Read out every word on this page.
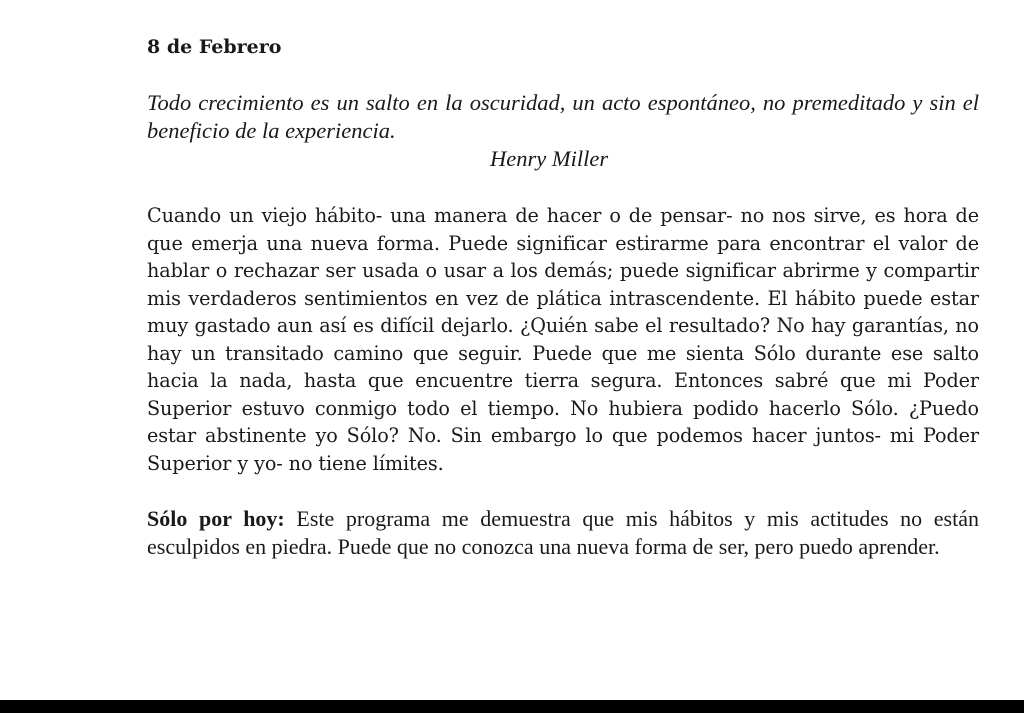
8 de Febrero
Todo crecimiento es un salto en la oscuridad, un acto espontáneo, no premeditado y sin el beneficio de la experiencia.
Henry Miller
Cuando un viejo hábito- una manera de hacer o de pensar- no nos sirve, es hora de que emerja una nueva forma. Puede significar estirarme para encontrar el valor de hablar o rechazar ser usada o usar a los demás; puede significar abrirme y compartir mis verdaderos sentimientos en vez de plática intrascendente. El hábito puede estar muy gastado aun así es difícil dejarlo. ¿Quién sabe el resultado? No hay garantías, no hay un transitado camino que seguir. Puede que me sienta Sólo durante ese salto hacia la nada, hasta que encuentre tierra segura. Entonces sabré que mi Poder Superior estuvo conmigo todo el tiempo. No hubiera podido hacerlo Sólo. ¿Puedo estar abstinente yo Sólo? No. Sin embargo lo que podemos hacer juntos- mi Poder Superior y yo- no tiene límites.
Sólo por hoy: Este programa me demuestra que mis hábitos y mis actitudes no están esculpidos en piedra. Puede que no conozca una nueva forma de ser, pero puedo aprender.
